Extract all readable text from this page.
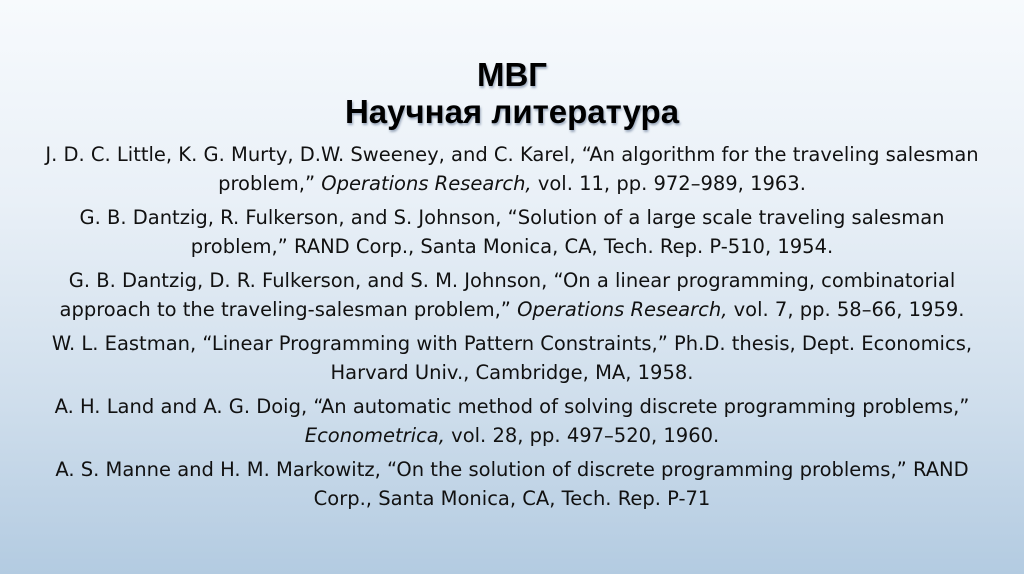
МВГ
Научная литература

J. D. C. Little, K. G. Murty, D.W. Sweeney, and C. Karel, “An algorithm for the traveling salesman problem,” Operations Research, vol. 11, pp. 972–989, 1963.

G. B. Dantzig, R. Fulkerson, and S. Johnson, “Solution of a large scale traveling salesman problem,” RAND Corp., Santa Monica, CA, Tech. Rep. P-510, 1954.

G. B. Dantzig, D. R. Fulkerson, and S. M. Johnson, “On a linear programming, combinatorial approach to the traveling-salesman problem,” Operations Research, vol. 7, pp. 58–66, 1959.

W. L. Eastman, “Linear Programming with Pattern Constraints,” Ph.D. thesis, Dept. Economics, Harvard Univ., Cambridge, MA, 1958.

A. H. Land and A. G. Doig, “An automatic method of solving discrete programming problems,” Econometrica, vol. 28, pp. 497–520, 1960.

A. S. Manne and H. M. Markowitz, “On the solution of discrete programming problems,” RAND Corp., Santa Monica, CA, Tech. Rep. P-71
